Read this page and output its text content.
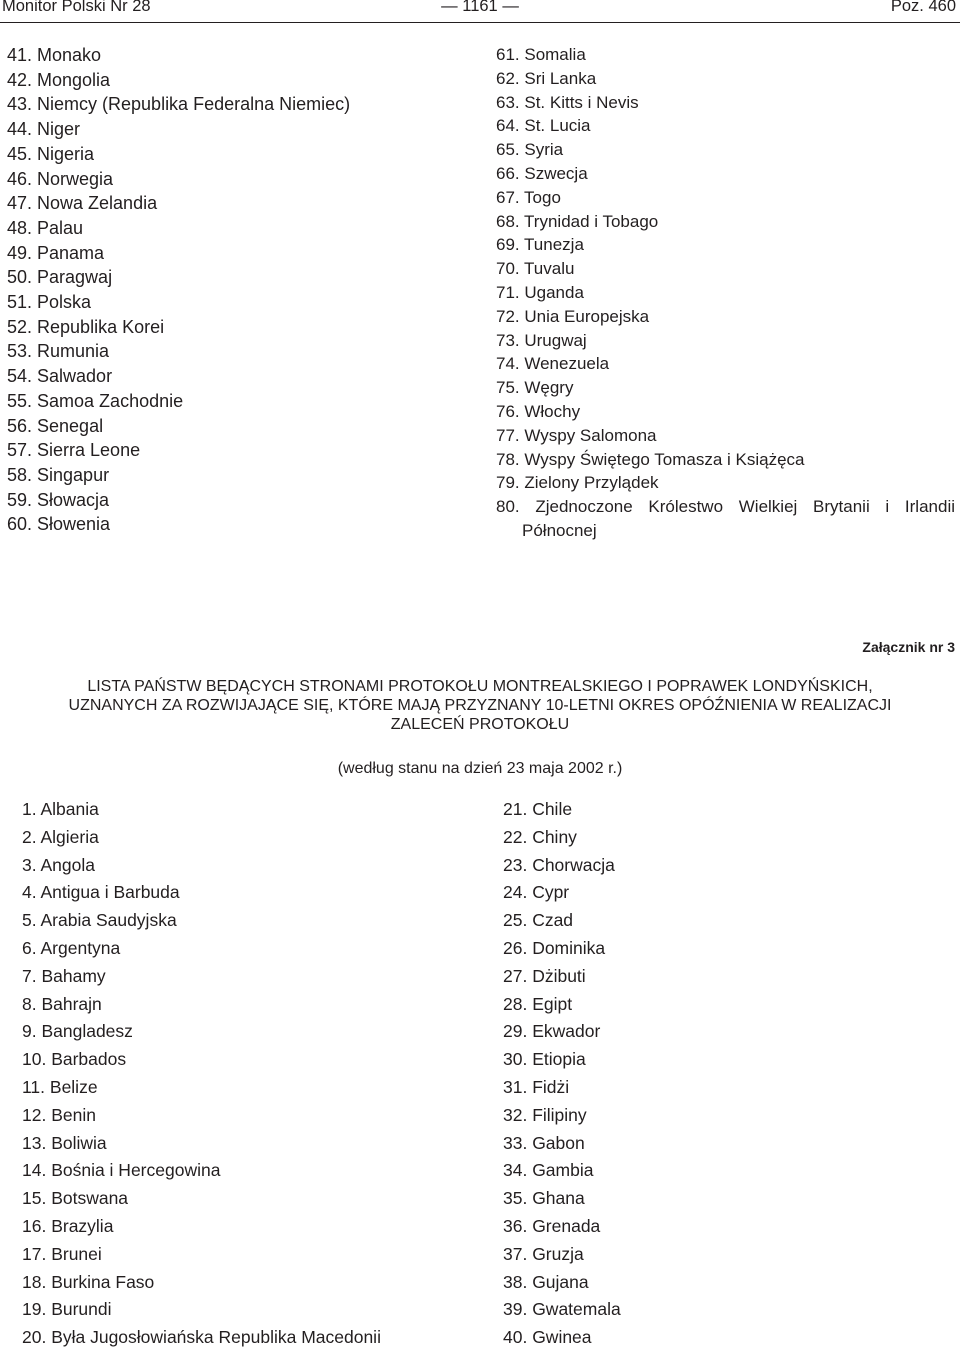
Monitor Polski Nr 28	— 1161 —	Poz. 460
41. Monako
42. Mongolia
43. Niemcy (Republika Federalna Niemiec)
44. Niger
45. Nigeria
46. Norwegia
47. Nowa Zelandia
48. Palau
49. Panama
50. Paragwaj
51. Polska
52. Republika Korei
53. Rumunia
54. Salwador
55. Samoa Zachodnie
56. Senegal
57. Sierra Leone
58. Singapur
59. Słowacja
60. Słowenia
61. Somalia
62. Sri Lanka
63. St. Kitts i Nevis
64. St. Lucia
65. Syria
66. Szwecja
67. Togo
68. Trynidad i Tobago
69. Tunezja
70. Tuvalu
71. Uganda
72. Unia Europejska
73. Urugwaj
74. Wenezuela
75. Węgry
76. Włochy
77. Wyspy Salomona
78. Wyspy Świętego Tomasza i Książęca
79. Zielony Przylądek
80. Zjednoczone Królestwo Wielkiej Brytanii i Irlandii Północnej
Załącznik nr 3
LISTA PAŃSTW BĘDĄCYCH STRONAMI PROTOKOŁU MONTREALSKIEGO I POPRAWEK LONDYŃSKICH,
UZNANYCH ZA ROZWIJAJĄCE SIĘ, KTÓRE MAJĄ PRZYZNANY 10-LETNI OKRES OPÓŹNIENIA W REALIZACJI
ZALECEŃ PROTOKOŁU
(według stanu na dzień 23 maja 2002 r.)
1. Albania
2. Algieria
3. Angola
4. Antigua i Barbuda
5. Arabia Saudyjska
6. Argentyna
7. Bahamy
8. Bahrajn
9. Bangladesz
10. Barbados
11. Belize
12. Benin
13. Boliwia
14. Bośnia i Hercegowina
15. Botswana
16. Brazylia
17. Brunei
18. Burkina Faso
19. Burundi
20. Była Jugosłowiańska Republika Macedonii
21. Chile
22. Chiny
23. Chorwacja
24. Cypr
25. Czad
26. Dominika
27. Dżibuti
28. Egipt
29. Ekwador
30. Etiopia
31. Fidżi
32. Filipiny
33. Gabon
34. Gambia
35. Ghana
36. Grenada
37. Gruzja
38. Gujana
39. Gwatemala
40. Gwinea
